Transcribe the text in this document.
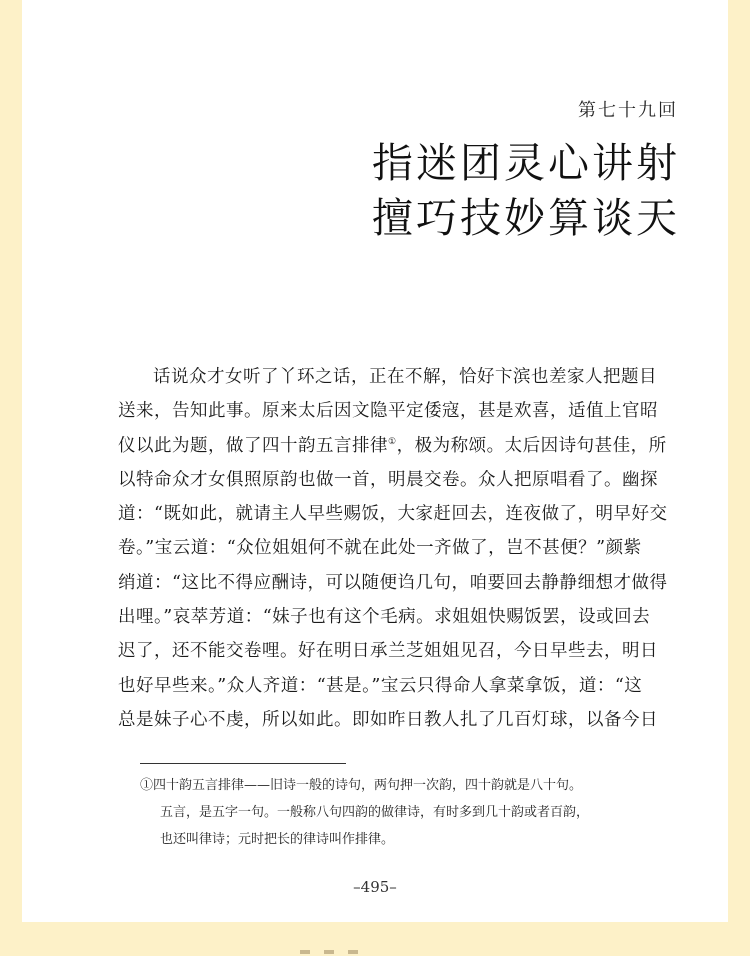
第七十九回
指迷团灵心讲射
擅巧技妙算谈天
话说众才女听了丫环之话，正在不解，恰好卞滨也差家人把题目
送来，告知此事。原来太后因文隐平定倭寇，甚是欢喜，适值上官昭
仪以此为题，做了四十韵五言排律①，极为称颂。太后因诗句甚佳，所
以特命众才女俱照原韵也做一首，明晨交卷。众人把原唱看了。幽探
道：“既如此，就请主人早些赐饭，大家赶回去，连夜做了，明早好交
卷。”宝云道：“众位姐姐何不就在此处一齐做了，岂不甚便？”颜紫
绡道：“这比不得应酬诗，可以随便诌几句，咱要回去静静细想才做得
出哩。”哀萃芳道：“妹子也有这个毛病。求姐姐快赐饭罢，设或回去
迟了，还不能交卷哩。好在明日承兰芝姐姐见召，今日早些去，明日
也好早些来。”众人齐道：“甚是。”宝云只得命人拿菜拿饭，道：“这
总是妹子心不虔，所以如此。即如昨日教人扎了几百灯球，以备今日
①四十韵五言排律——旧诗一般的诗句，两句押一次韵，四十韵就是八十句。
五言，是五字一句。一般称八句四韵的做律诗，有时多到几十韵或者百韵，
也还叫律诗；元时把长的律诗叫作排律。
–495–
